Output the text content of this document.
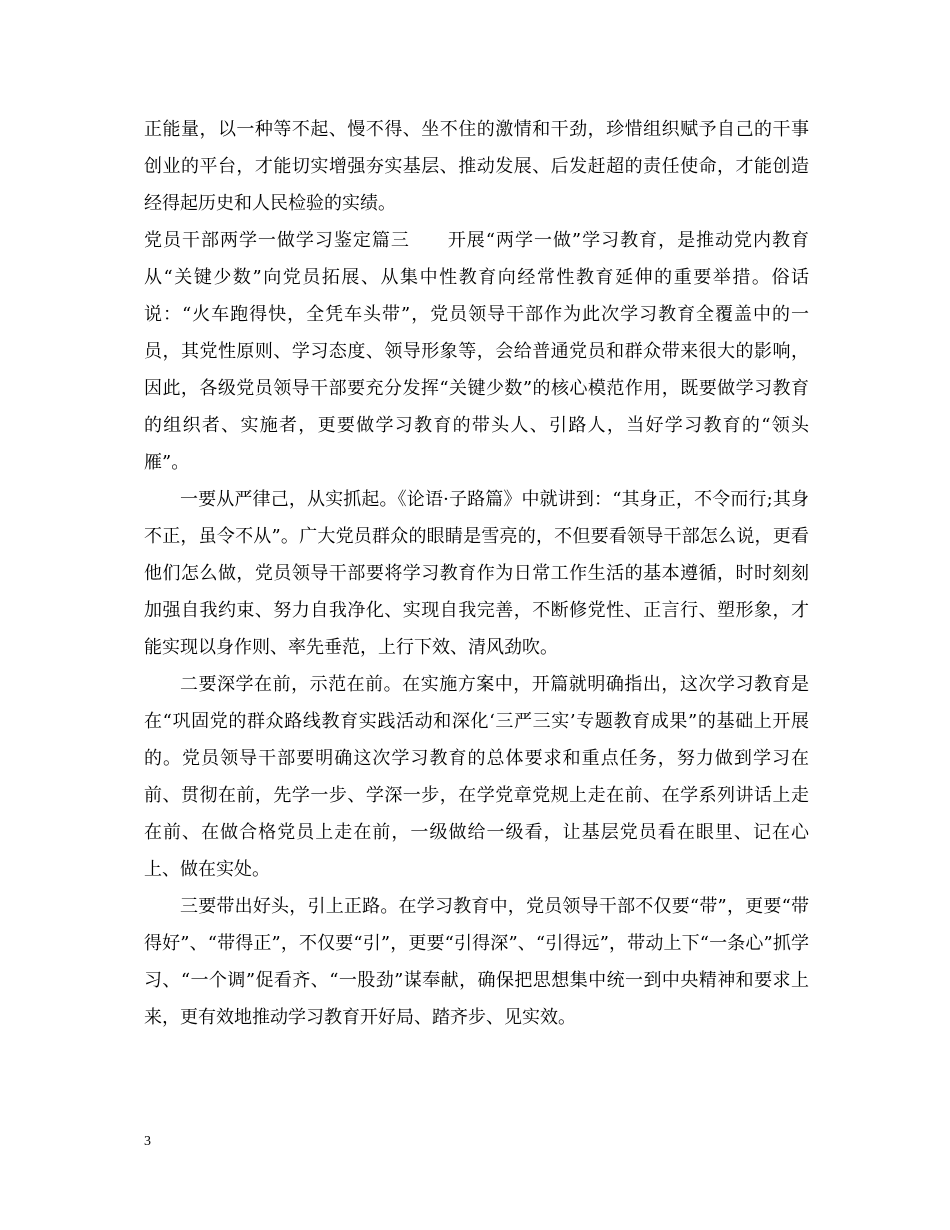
正能量，以一种等不起、慢不得、坐不住的激情和干劲，珍惜组织赋予自己的干事创业的平台，才能切实增强夯实基层、推动发展、后发赶超的责任使命，才能创造经得起历史和人民检验的实绩。

党员干部两学一做学习鉴定篇三　　开展“两学一做”学习教育，是推动党内教育从“关键少数”向党员拓展、从集中性教育向经常性教育延伸的重要举措。俗话说：“火车跑得快，全凭车头带”，党员领导干部作为此次学习教育全覆盖中的一员，其党性原则、学习态度、领导形象等，会给普通党员和群众带来很大的影响，因此，各级党员领导干部要充分发挥“关键少数”的核心模范作用，既要做学习教育的组织者、实施者，更要做学习教育的带头人、引路人，当好学习教育的“领头雁”。

一要从严律己，从实抓起。《论语·子路篇》中就讲到：“其身正，不令而行;其身不正，虽令不从”。广大党员群众的眼睛是雪亮的，不但要看领导干部怎么说，更看他们怎么做，党员领导干部要将学习教育作为日常工作生活的基本遵循，时时刻刻加强自我约束、努力自我净化、实现自我完善，不断修党性、正言行、塑形象，才能实现以身作则、率先垂范，上行下效、清风劲吹。

二要深学在前，示范在前。在实施方案中，开篇就明确指出，这次学习教育是在“巩固党的群众路线教育实践活动和深化‘三严三实’专题教育成果”的基础上开展的。党员领导干部要明确这次学习教育的总体要求和重点任务，努力做到学习在前、贯彻在前，先学一步、学深一步，在学党章党规上走在前、在学系列讲话上走在前、在做合格党员上走在前，一级做给一级看，让基层党员看在眼里、记在心上、做在实处。

三要带出好头，引上正路。在学习教育中，党员领导干部不仅要“带”，更要“带得好”、“带得正”，不仅要“引”，更要“引得深”、“引得远”，带动上下“一条心”抓学习、“一个调”促看齐、“一股劲”谋奉献，确保把思想集中统一到中央精神和要求上来，更有效地推动学习教育开好局、踏齐步、见实效。

3
